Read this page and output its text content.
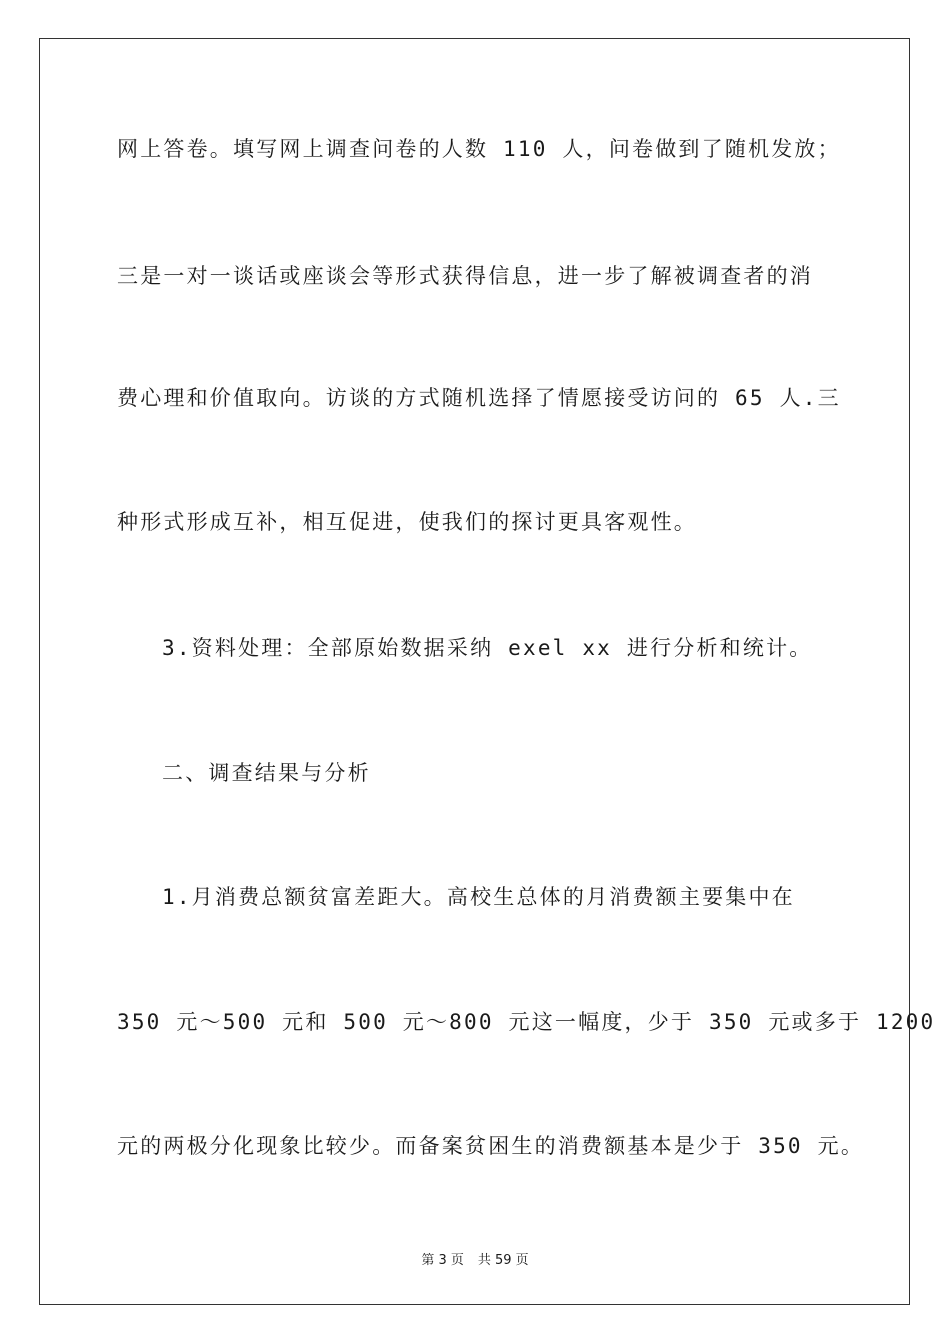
网上答卷。填写网上调查问卷的人数 110 人，问卷做到了随机发放；
三是一对一谈话或座谈会等形式获得信息，进一步了解被调查者的消
费心理和价值取向。访谈的方式随机选择了情愿接受访问的 65 人.三
种形式形成互补，相互促进，使我们的探讨更具客观性。
3.资料处理：全部原始数据采纳 exel xx 进行分析和统计。
二、调查结果与分析
1.月消费总额贫富差距大。高校生总体的月消费额主要集中在
350 元～500 元和 500 元～800 元这一幅度，少于 350 元或多于 1200
元的两极分化现象比较少。而备案贫困生的消费额基本是少于 350 元。
第 3 页 共 59 页
